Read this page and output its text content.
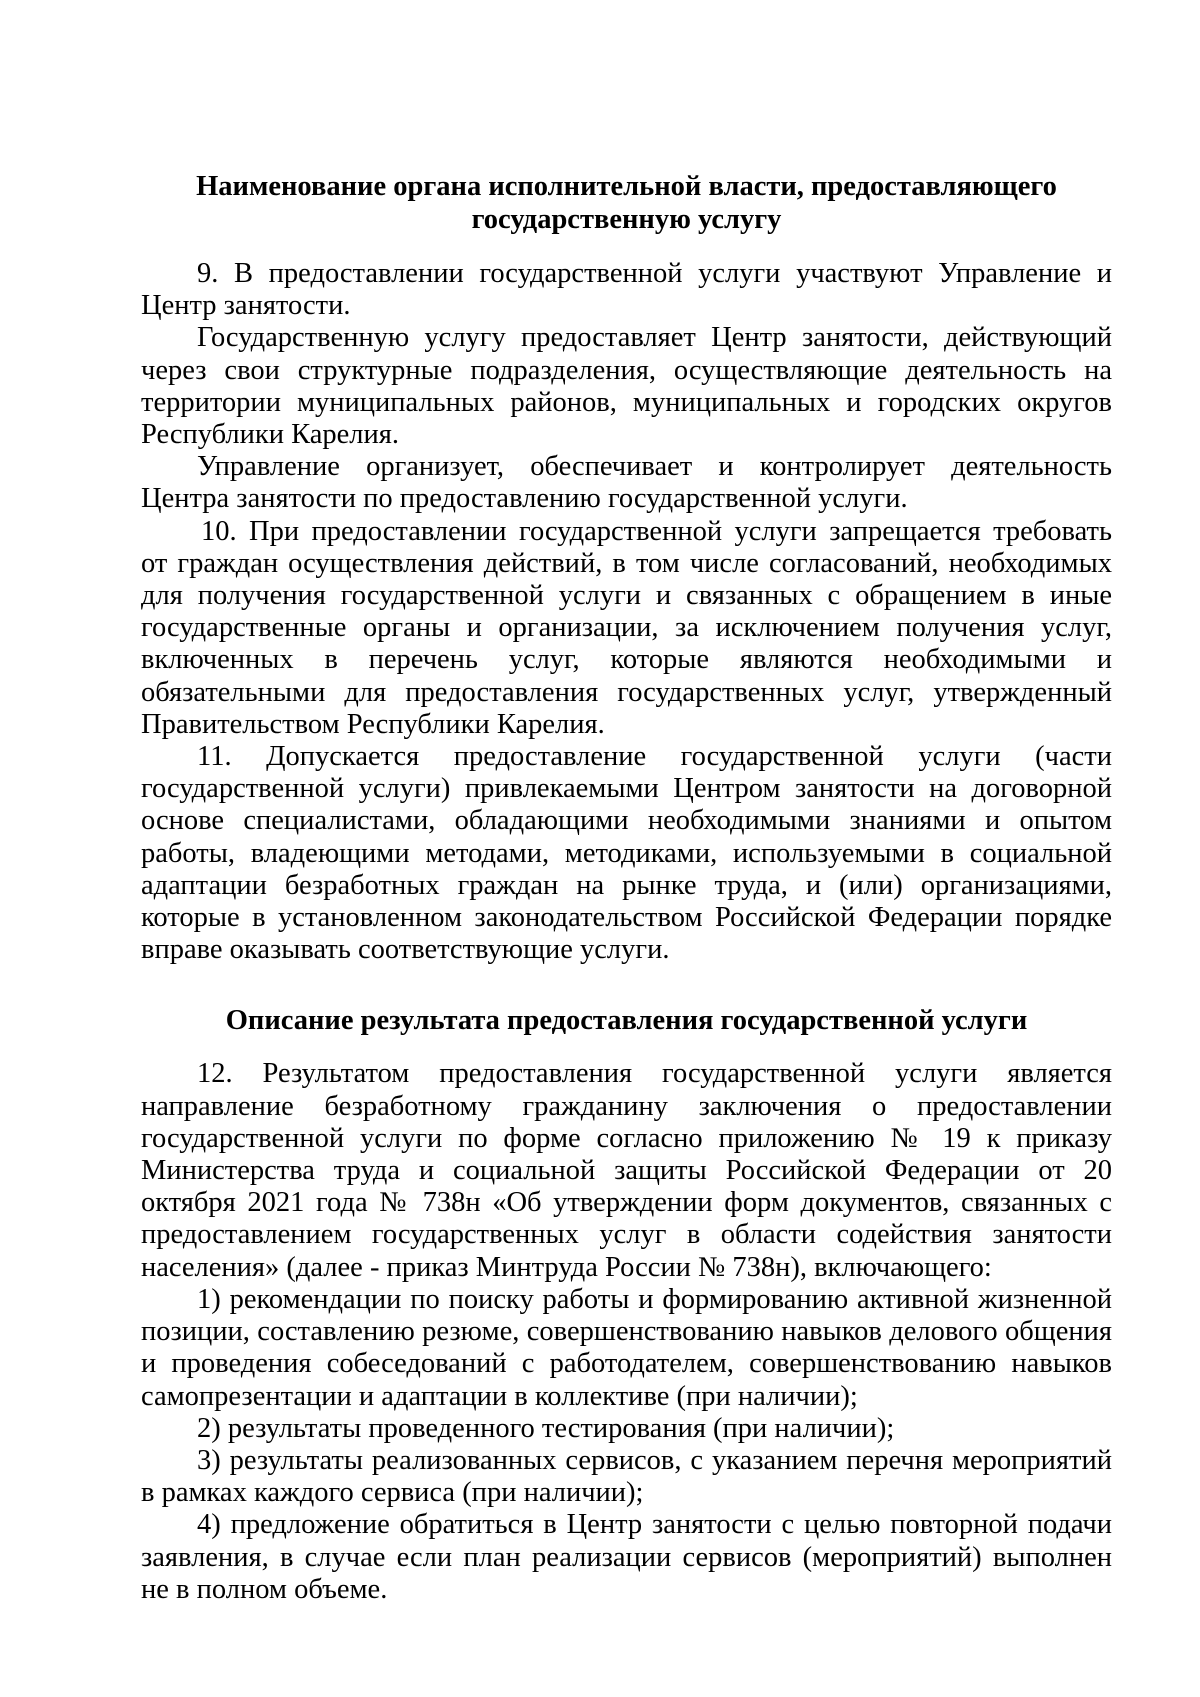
Наименование органа исполнительной власти, предоставляющего государственную услугу

9. В предоставлении государственной услуги участвуют Управление и Центр занятости.

Государственную услугу предоставляет Центр занятости, действующий через свои структурные подразделения, осуществляющие деятельность на территории муниципальных районов, муниципальных и городских округов Республики Карелия.

Управление организует, обеспечивает и контролирует деятельность Центра занятости по предоставлению государственной услуги.

10. При предоставлении государственной услуги запрещается требовать от граждан осуществления действий, в том числе согласований, необходимых для получения государственной услуги и связанных с обращением в иные государственные органы и организации, за исключением получения услуг, включенных в перечень услуг, которые являются необходимыми и обязательными для предоставления государственных услуг, утвержденный Правительством Республики Карелия.

11. Допускается предоставление государственной услуги (части государственной услуги) привлекаемыми Центром занятости на договорной основе специалистами, обладающими необходимыми знаниями и опытом работы, владеющими методами, методиками, используемыми в социальной адаптации безработных граждан на рынке труда, и (или) организациями, которые в установленном законодательством Российской Федерации порядке вправе оказывать соответствующие услуги.

Описание результата предоставления государственной услуги

12. Результатом предоставления государственной услуги является направление безработному гражданину заключения о предоставлении государственной услуги по форме согласно приложению № 19 к приказу Министерства труда и социальной защиты Российской Федерации от 20 октября 2021 года № 738н «Об утверждении форм документов, связанных с предоставлением государственных услуг в области содействия занятости населения» (далее - приказ Минтруда России № 738н), включающего:

1) рекомендации по поиску работы и формированию активной жизненной позиции, составлению резюме, совершенствованию навыков делового общения и проведения собеседований с работодателем, совершенствованию навыков самопрезентации и адаптации в коллективе (при наличии);

2) результаты проведенного тестирования (при наличии);

3) результаты реализованных сервисов, с указанием перечня мероприятий в рамках каждого сервиса (при наличии);

4) предложение обратиться в Центр занятости с целью повторной подачи заявления, в случае если план реализации сервисов (мероприятий) выполнен не в полном объеме.
